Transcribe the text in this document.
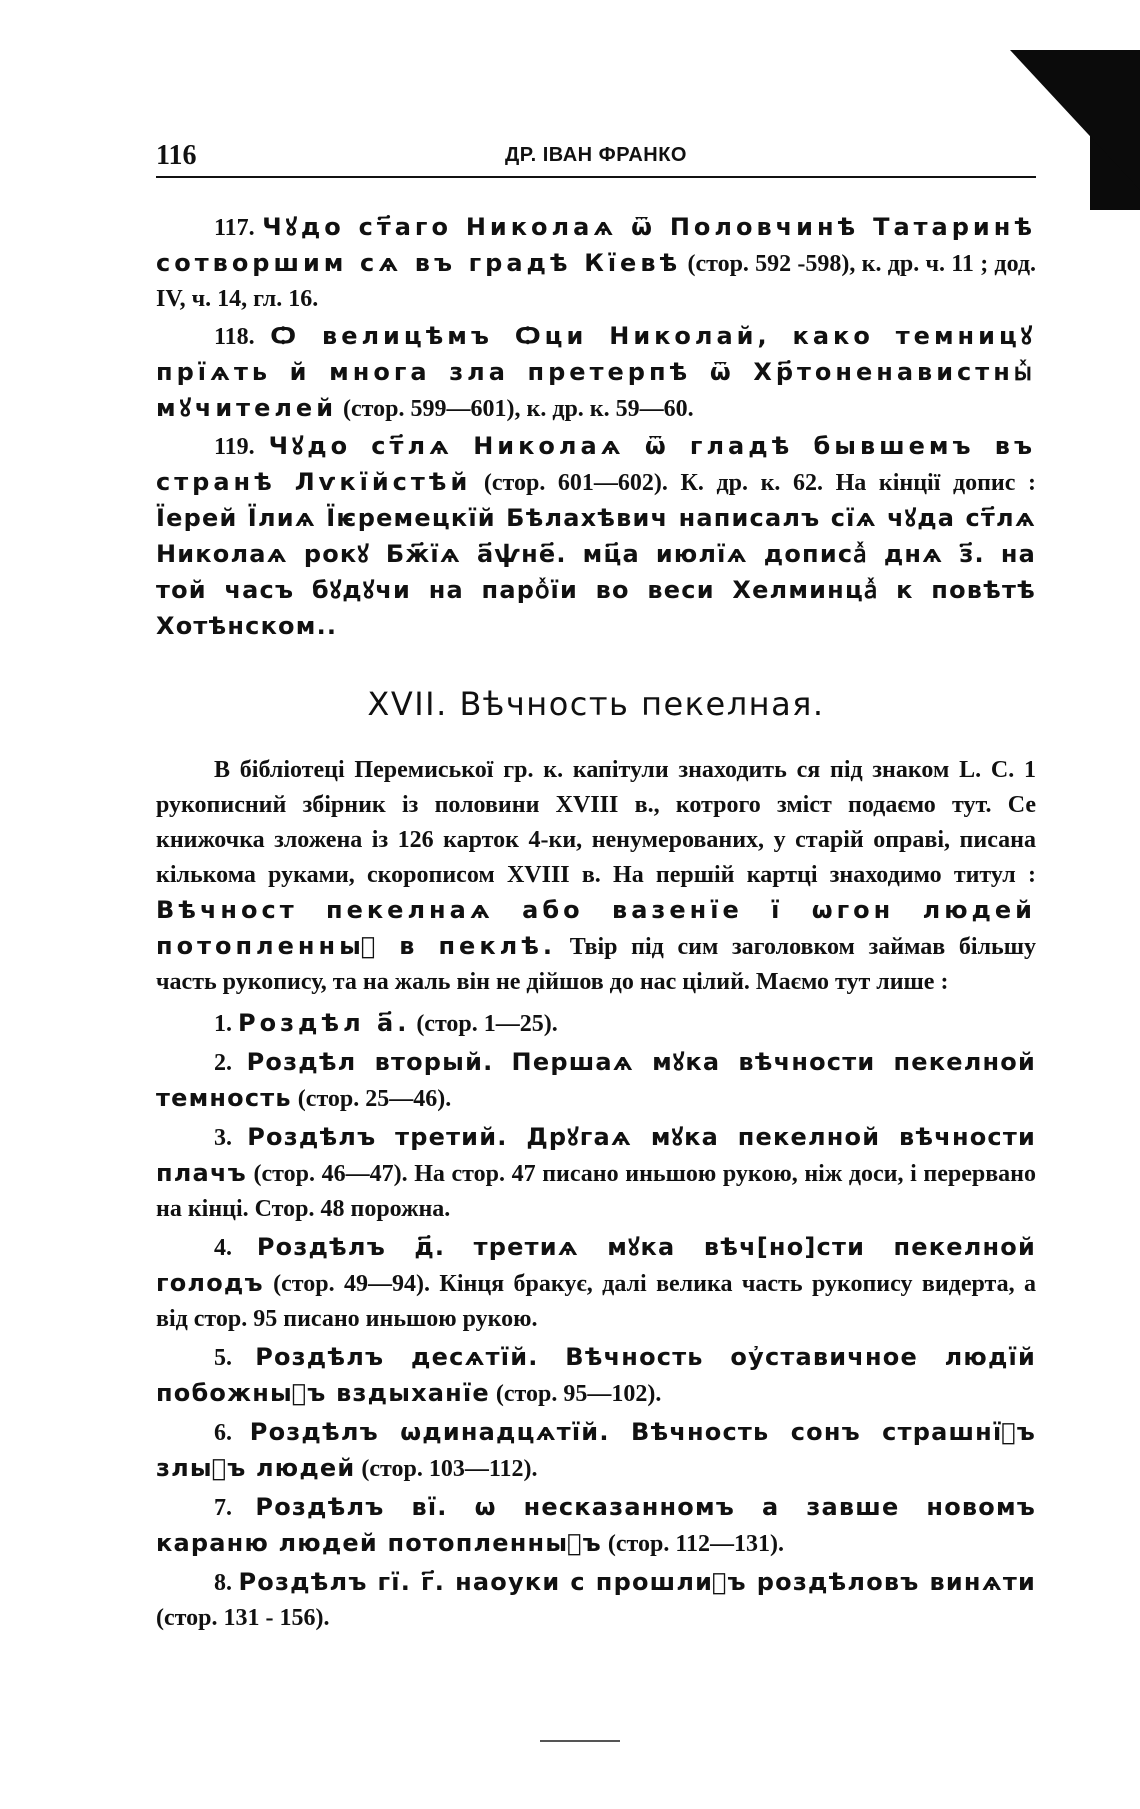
116	ДР. ІВАН ФРАНКО

117. Чꙋдо ст҃аго Николаѧ ѿ Половчинѣ Татаринѣ сотворшим сѧ въ градѣ Кїевѣ (стор. 592 -598), к. др. ч. 11 ; дод. IV, ч. 14, гл. 16.

118. Ѻ велицѣмъ Ѻци Николай, како темницꙋ прїѧть й многа зла претерпѣ ѿ Хр҃тоненавистныⷯ мꙋчителей (стор. 599—601), к. др. к. 59—60.

119. Чꙋдо ст҃лѧ Николаѧ ѿ гладѣ бывшемъ въ странѣ Лѵкїйстѣй (стор. 601—602). К. др. к. 62. На кінції допис : Їерей Їлиѧ Їѥремецкїй Бѣлахѣвич написалъ сїѧ чꙋда ст҃лѧ Николаѧ рокꙋ Бж҃їѧ а҃ѱне҃. мц҃а июлїѧ дописаⷯ днѧ з҃. на той часъ бꙋдꙋчи на пароⷯїи во веси Хелминцаⷯ к повѣтѣ Хотѣнском..

XVII. Вѣчность пекелная.

В бібліотеці Перемиської гр. к. капітули знаходить ся під знаком L. С. 1 рукописний збірник із половини XVIII в., котрого зміст подаємо тут. Се книжочка зложена із 126 карток 4-ки, ненумерованих, у старій оправі, писана кількома руками, скорописом XVIII в. На першій картці знаходимо титул : Вѣчност пекелнаѧ або вазенїе ї ѡгон людей потопленныⷯ в пеклѣ. Твір під сим заголовком займав більшу часть рукопису, та на жаль він не дійшов до нас цілий. Маємо тут лише :

1. Роздѣл а҃. (стор. 1—25).

2. Роздѣл вторый. Першаѧ мꙋка вѣчности пекелной темность (стор. 25—46).

3. Роздѣлъ третий. Дрꙋгаѧ мꙋка пекелной вѣчности плачъ (стор. 46—47). На стор. 47 писано иньшою рукою, ніж доси, і перервано на кінці. Стор. 48 порожна.

4. Роздѣлъ д҃. третиѧ мꙋка вѣч[но]сти пекелной голодъ (стор. 49—94). Кінця бракує, далі велика часть рукопису видерта, а від стор. 95 писано иньшою рукою.

5. Роздѣлъ десѧтїй. Вѣчность оу҆ставичное людїй побожныⷯъ вздыханїе (стор. 95—102).

6. Роздѣлъ ѡдинадцѧтїй. Вѣчность сонъ страшнїⷯъ злыⷯъ людей (стор. 103—112).

7. Роздѣлъ вї. ѡ несказанномъ а завше новомъ караню людей потопленныⷯъ (стор. 112—131).

8. Роздѣлъ гї. г҃. наоуки с прошлиⷯъ роздѣловъ винѧти (стор. 131 - 156).
